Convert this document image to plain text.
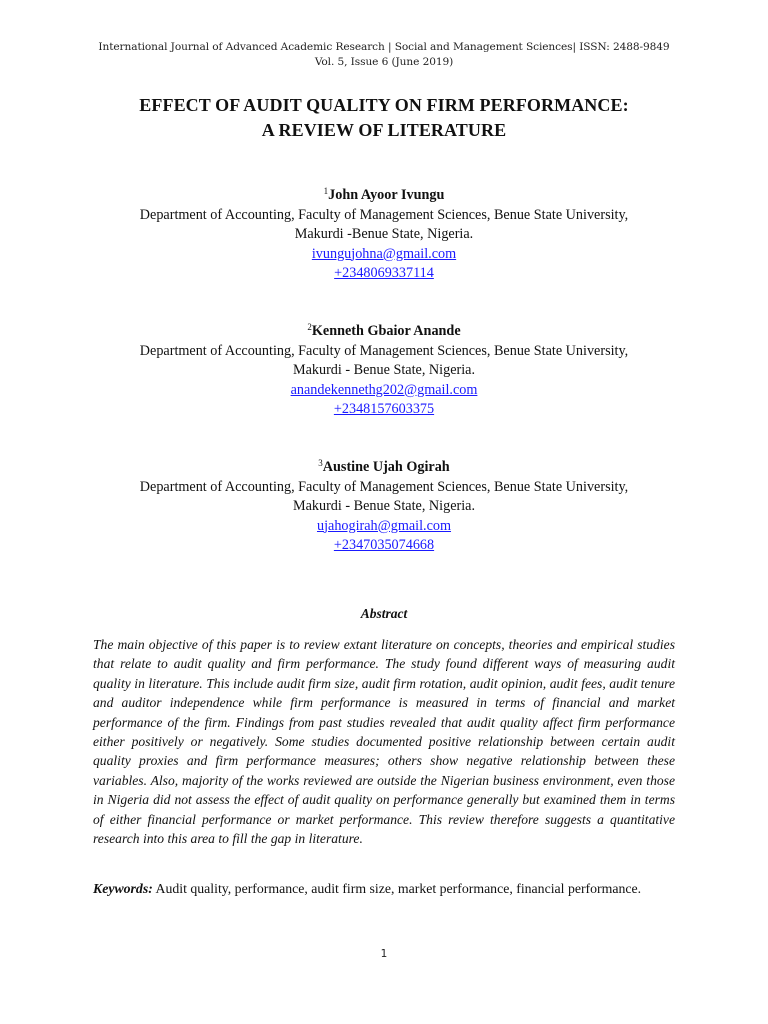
International Journal of Advanced Academic Research | Social and Management Sciences| ISSN: 2488-9849
Vol. 5, Issue 6 (June 2019)
EFFECT OF AUDIT QUALITY ON FIRM PERFORMANCE:
A REVIEW OF LITERATURE
$^1$John Ayoor Ivungu
Department of Accounting, Faculty of Management Sciences, Benue State University,
Makurdi -Benue State, Nigeria.
ivungujohna@gmail.com
+2348069337114
$^2$Kenneth Gbaior Anande
Department of Accounting, Faculty of Management Sciences, Benue State University,
Makurdi - Benue State, Nigeria.
anandekennethg202@gmail.com
+2348157603375
$^3$Austine Ujah Ogirah
Department of Accounting, Faculty of Management Sciences, Benue State University,
Makurdi - Benue State, Nigeria.
ujahogirah@gmail.com
+2347035074668
Abstract
The main objective of this paper is to review extant literature on concepts, theories and empirical studies that relate to audit quality and firm performance. The study found different ways of measuring audit quality in literature. This include audit firm size, audit firm rotation, audit opinion, audit fees, audit tenure and auditor independence while firm performance is measured in terms of financial and market performance of the firm. Findings from past studies revealed that audit quality affect firm performance either positively or negatively. Some studies documented positive relationship between certain audit quality proxies and firm performance measures; others show negative relationship between these variables. Also, majority of the works reviewed are outside the Nigerian business environment, even those in Nigeria did not assess the effect of audit quality on performance generally but examined them in terms of either financial performance or market performance. This review therefore suggests a quantitative research into this area to fill the gap in literature.
Keywords: Audit quality, performance, audit firm size, market performance, financial performance.
1
